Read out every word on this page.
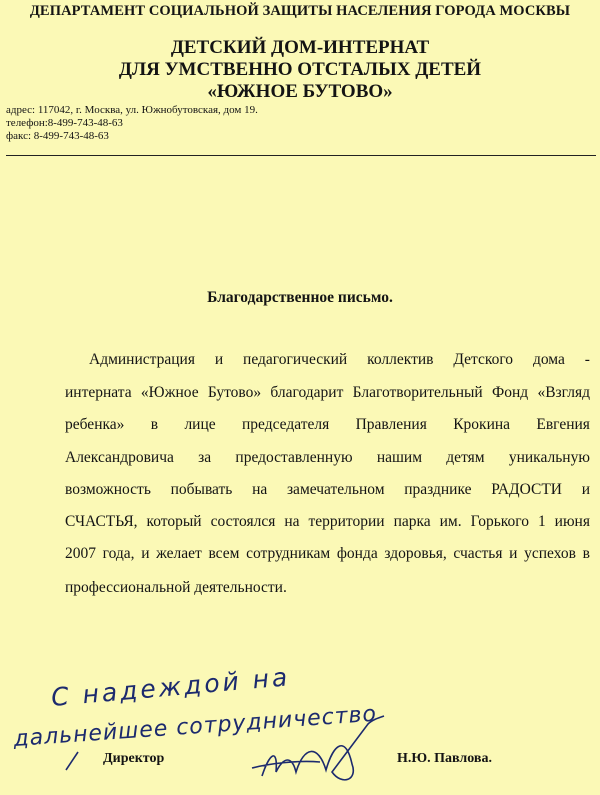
ДЕПАРТАМЕНТ СОЦИАЛЬНОЙ ЗАЩИТЫ НАСЕЛЕНИЯ ГОРОДА МОСКВЫ
ДЕТСКИЙ ДОМ-ИНТЕРНАТ
ДЛЯ УМСТВЕННО ОТСТАЛЫХ ДЕТЕЙ
«ЮЖНОЕ БУТОВО»
адрес: 117042, г. Москва, ул. Южнобутовская, дом 19.
телефон:8-499-743-48-63
факс: 8-499-743-48-63
Благодарственное письмо.
Администрация и педагогический коллектив Детского дома -
интерната «Южное Бутово» благодарит Благотворительный Фонд «Взгляд
ребенка» в лице председателя Правления Крокина Евгения
Александровича за предоставленную нашим детям уникальную
возможность побывать на замечательном празднике РАДОСТИ и
СЧАСТЬЯ, который состоялся на территории парка им. Горького 1 июня
2007 года, и желает всем сотрудникам фонда здоровья, счастья и успехов в
профессиональной деятельности.
С надеждой на
дальнейшее сотрудничество
Директор	Н.Ю. Павлова.
